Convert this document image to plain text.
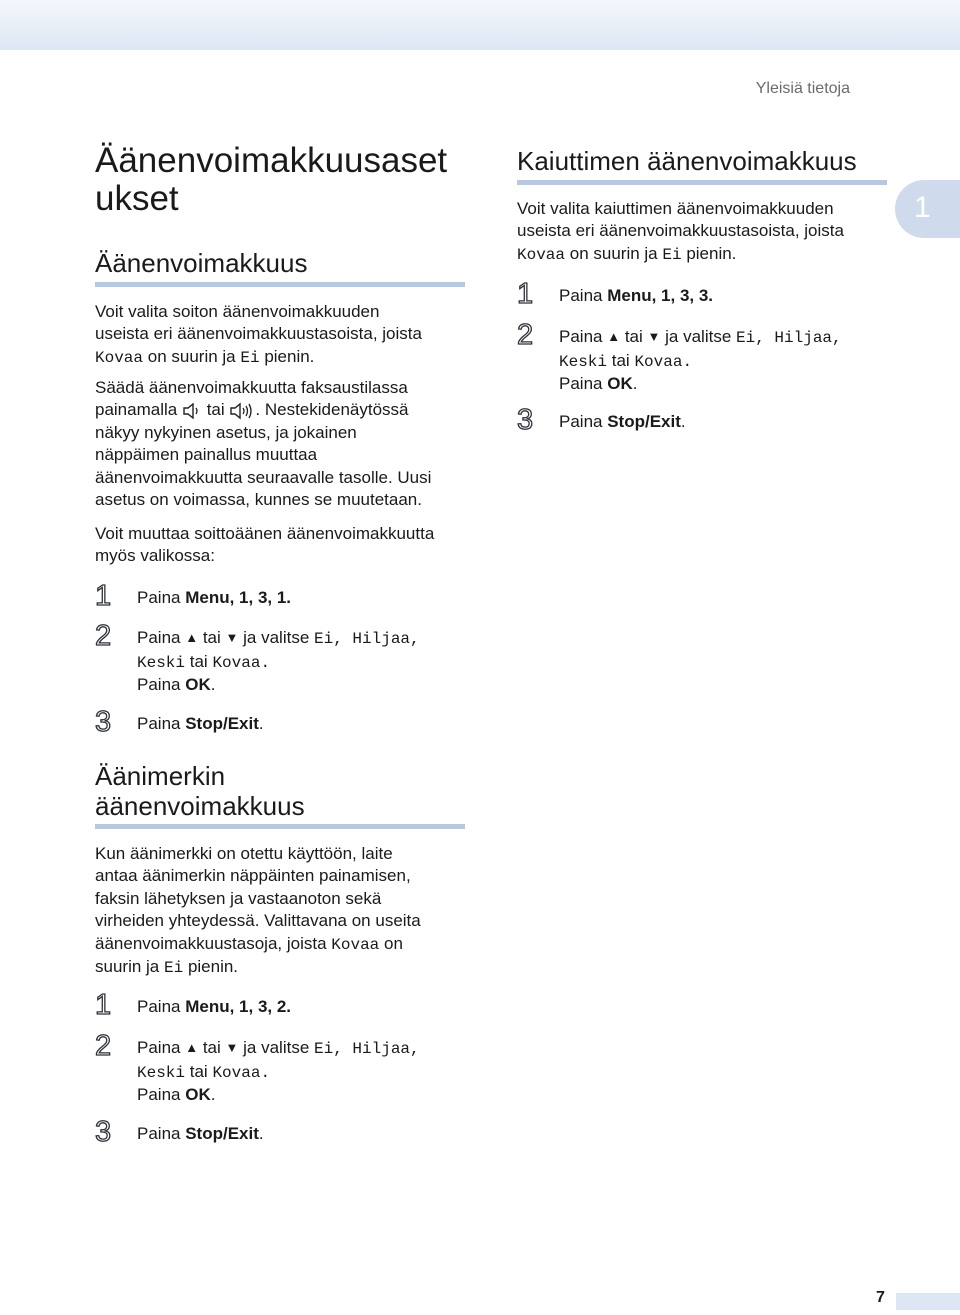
Yleisiä tietoja
1
Äänenvoimakkuusaset
ukset
Äänenvoimakkuus

Voit valita soiton äänenvoimakkuuden
useista eri äänenvoimakkuustasoista, joista
Kovaa on suurin ja Ei pienin.

Säädä äänenvoimakkuutta faksaustilassa
painamalla tai . Nestekidenäytössä
näkyy nykyinen asetus, ja jokainen
näppäimen painallus muuttaa
äänenvoimakkuutta seuraavalle tasolle. Uusi
asetus on voimassa, kunnes se muutetaan.

Voit muuttaa soittoäänen äänenvoimakkuutta
myös valikossa:

1 Paina Menu, 1, 3, 1.
2 Paina ▲ tai ▼ ja valitse Ei, Hiljaa,
Keski tai Kovaa.
Paina OK.
3 Paina Stop/Exit.
Äänimerkin
äänenvoimakkuus

Kun äänimerkki on otettu käyttöön, laite
antaa äänimerkin näppäinten painamisen,
faksin lähetyksen ja vastaanoton sekä
virheiden yhteydessä. Valittavana on useita
äänenvoimakkuustasoja, joista Kovaa on
suurin ja Ei pienin.

1 Paina Menu, 1, 3, 2.
2 Paina ▲ tai ▼ ja valitse Ei, Hiljaa,
Keski tai Kovaa.
Paina OK.
3 Paina Stop/Exit.
Kaiuttimen äänenvoimakkuus

Voit valita kaiuttimen äänenvoimakkuuden
useista eri äänenvoimakkuustasoista, joista
Kovaa on suurin ja Ei pienin.

1 Paina Menu, 1, 3, 3.
2 Paina ▲ tai ▼ ja valitse Ei, Hiljaa,
Keski tai Kovaa.
Paina OK.
3 Paina Stop/Exit.
7
